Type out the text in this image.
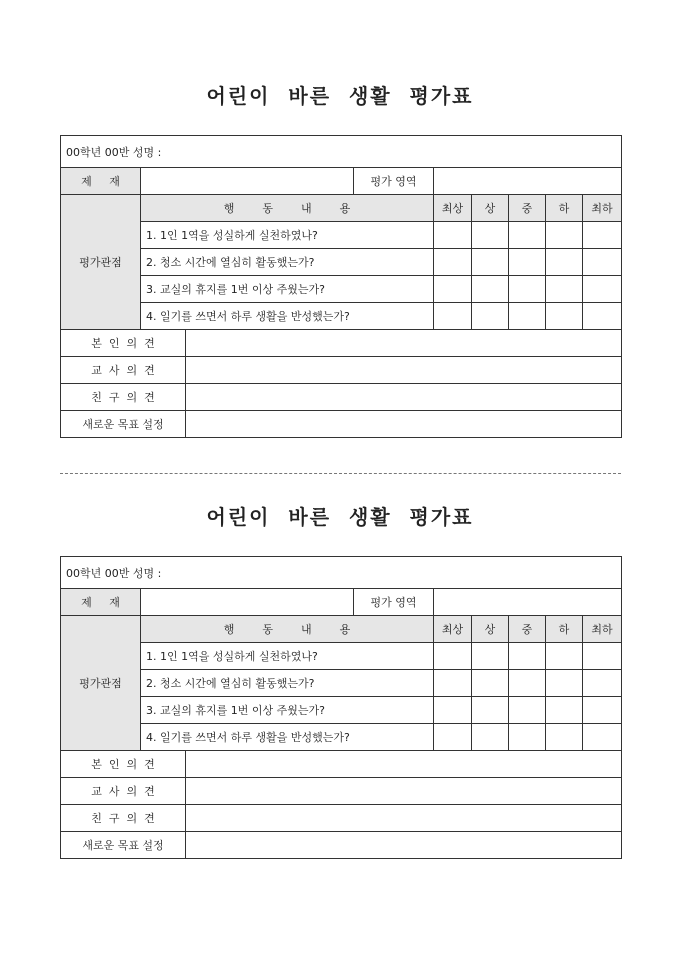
어린이  바른  생활  평가표
00학년 00반 성명 :								
제     재			평가 영역					
평가관점	행        동        내        용			최상	상	중	하	최하
	1. 1인 1역을 성실하게 실천하였나?							
	2. 청소 시간에 열심히 활동했는가?							
	3. 교실의 휴지를 1번 이상 주웠는가?							
	4. 일기를 쓰면서 하루 생활을 반성했는가?							
본  인  의  견								
교  사  의  견								
친  구  의  견								
새로운 목표 설정								
어린이  바른  생활  평가표
00학년 00반 성명 :								
제     재			평가 영역					
평가관점	행        동        내        용			최상	상	중	하	최하
	1. 1인 1역을 성실하게 실천하였나?							
	2. 청소 시간에 열심히 활동했는가?							
	3. 교실의 휴지를 1번 이상 주웠는가?							
	4. 일기를 쓰면서 하루 생활을 반성했는가?							
본  인  의  견								
교  사  의  견								
친  구  의  견								
새로운 목표 설정								
